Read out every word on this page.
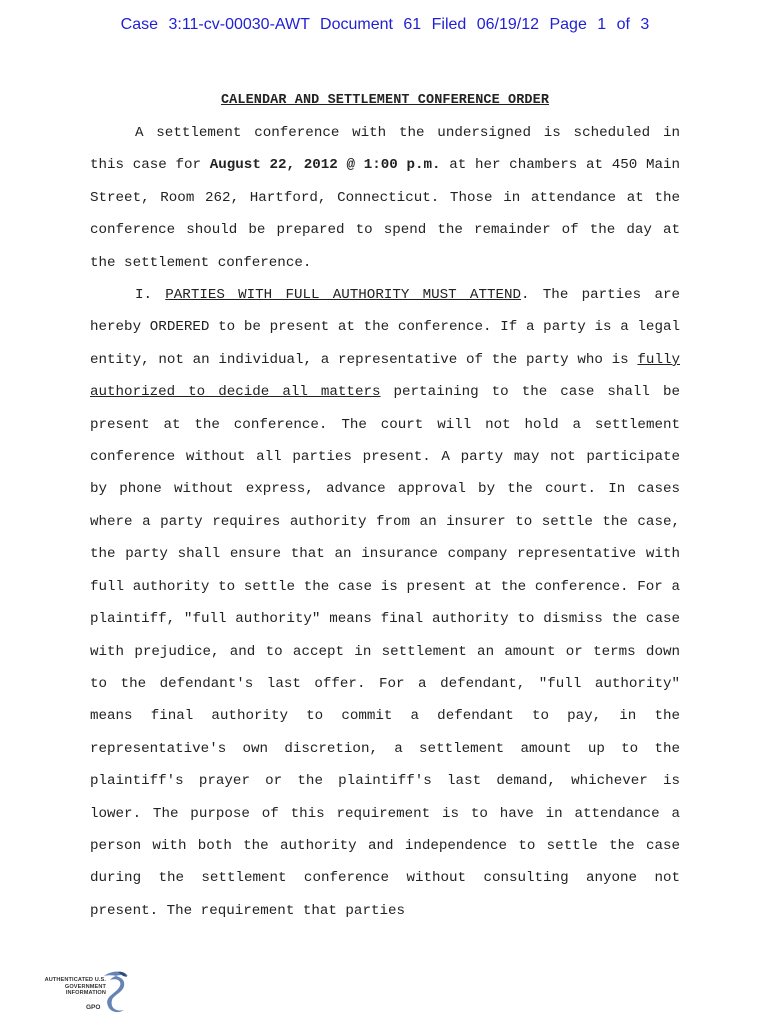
Case 3:11-cv-00030-AWT Document 61 Filed 06/19/12 Page 1 of 3
CALENDAR AND SETTLEMENT CONFERENCE ORDER

A settlement conference with the undersigned is scheduled in this case for August 22, 2012 @ 1:00 p.m. at her chambers at 450 Main Street, Room 262, Hartford, Connecticut. Those in attendance at the conference should be prepared to spend the remainder of the day at the settlement conference.

I. PARTIES WITH FULL AUTHORITY MUST ATTEND. The parties are hereby ORDERED to be present at the conference. If a party is a legal entity, not an individual, a representative of the party who is fully authorized to decide all matters pertaining to the case shall be present at the conference. The court will not hold a settlement conference without all parties present. A party may not participate by phone without express, advance approval by the court. In cases where a party requires authority from an insurer to settle the case, the party shall ensure that an insurance company representative with full authority to settle the case is present at the conference. For a plaintiff, "full authority" means final authority to dismiss the case with prejudice, and to accept in settlement an amount or terms down to the defendant's last offer. For a defendant, "full authority" means final authority to commit a defendant to pay, in the representative's own discretion, a settlement amount up to the plaintiff's prayer or the plaintiff's last demand, whichever is lower. The purpose of this requirement is to have in attendance a person with both the authority and independence to settle the case during the settlement conference without consulting anyone not present. The requirement that parties

AUTHENTICATED U.S. GOVERNMENT INFORMATION
GPO
